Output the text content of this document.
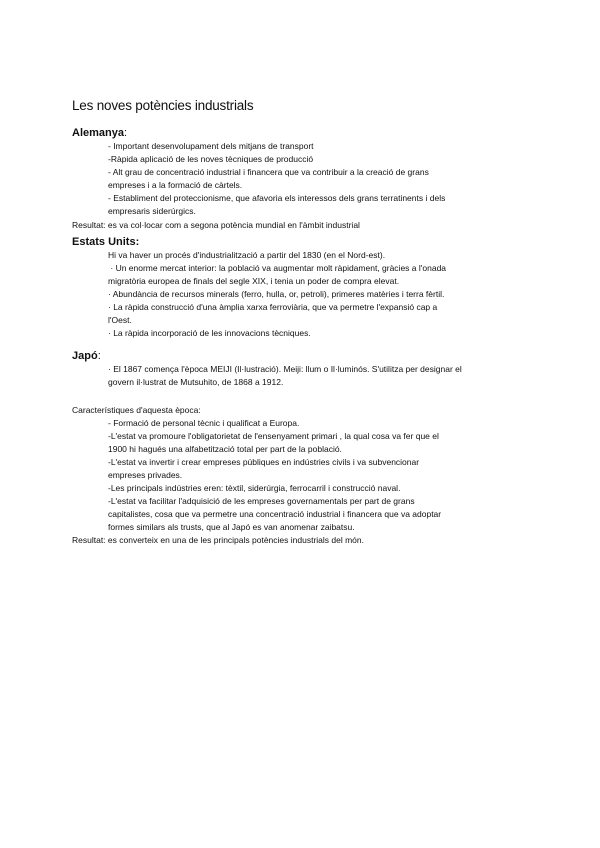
Les noves potències industrials

Alemanya:

- Important desenvolupament dels mitjans de transport

-Ràpida aplicació de les noves tècniques de producció

- Alt grau de concentració industrial i financera que va contribuir a la creació de grans
empreses i a la formació de càrtels.

- Establiment del proteccionisme, que afavoria els interessos dels grans terratinents i dels
empresaris siderúrgics.

Resultat: es va col·locar com a segona potència mundial en l'àmbit industrial

Estats Units:

Hi va haver un procés d'industrialització a partir del 1830 (en el Nord-est).

· Un enorme mercat interior: la població va augmentar molt ràpidament, gràcies a l'onada
migratòria europea de finals del segle XIX, i tenia un poder de compra elevat.

· Abundància de recursos minerals (ferro, hulla, or, petroli), primeres matèries i terra fèrtil.

· La ràpida construcció d'una àmplia xarxa ferroviària, que va permetre l'expansió cap a
l'Oest.

· La ràpida incorporació de les innovacions tècniques.

Japó:

· El 1867 comença l'època MEIJI (Il·lustració). Meiji: llum o Il·luminós. S'utilitza per designar el
govern il·lustrat de Mutsuhito, de 1868 a 1912.

Característiques d'aquesta època:

- Formació de personal tècnic i qualificat a Europa.

-L'estat va promoure l'obligatorietat de l'ensenyament primari , la qual cosa va fer que el
1900 hi hagués una alfabetització total per part de la població.

-L'estat va invertir i crear empreses públiques en indústries civils i va subvencionar
empreses privades.

-Les principals indústries eren: tèxtil, siderúrgia, ferrocarril i construcció naval.

-L'estat va facilitar l'adquisició de les empreses governamentals per part de grans
capitalistes, cosa que va permetre una concentració industrial i financera que va adoptar
formes similars als trusts, que al Japó es van anomenar zaibatsu.

Resultat: es converteix en una de les principals potències industrials del món.
